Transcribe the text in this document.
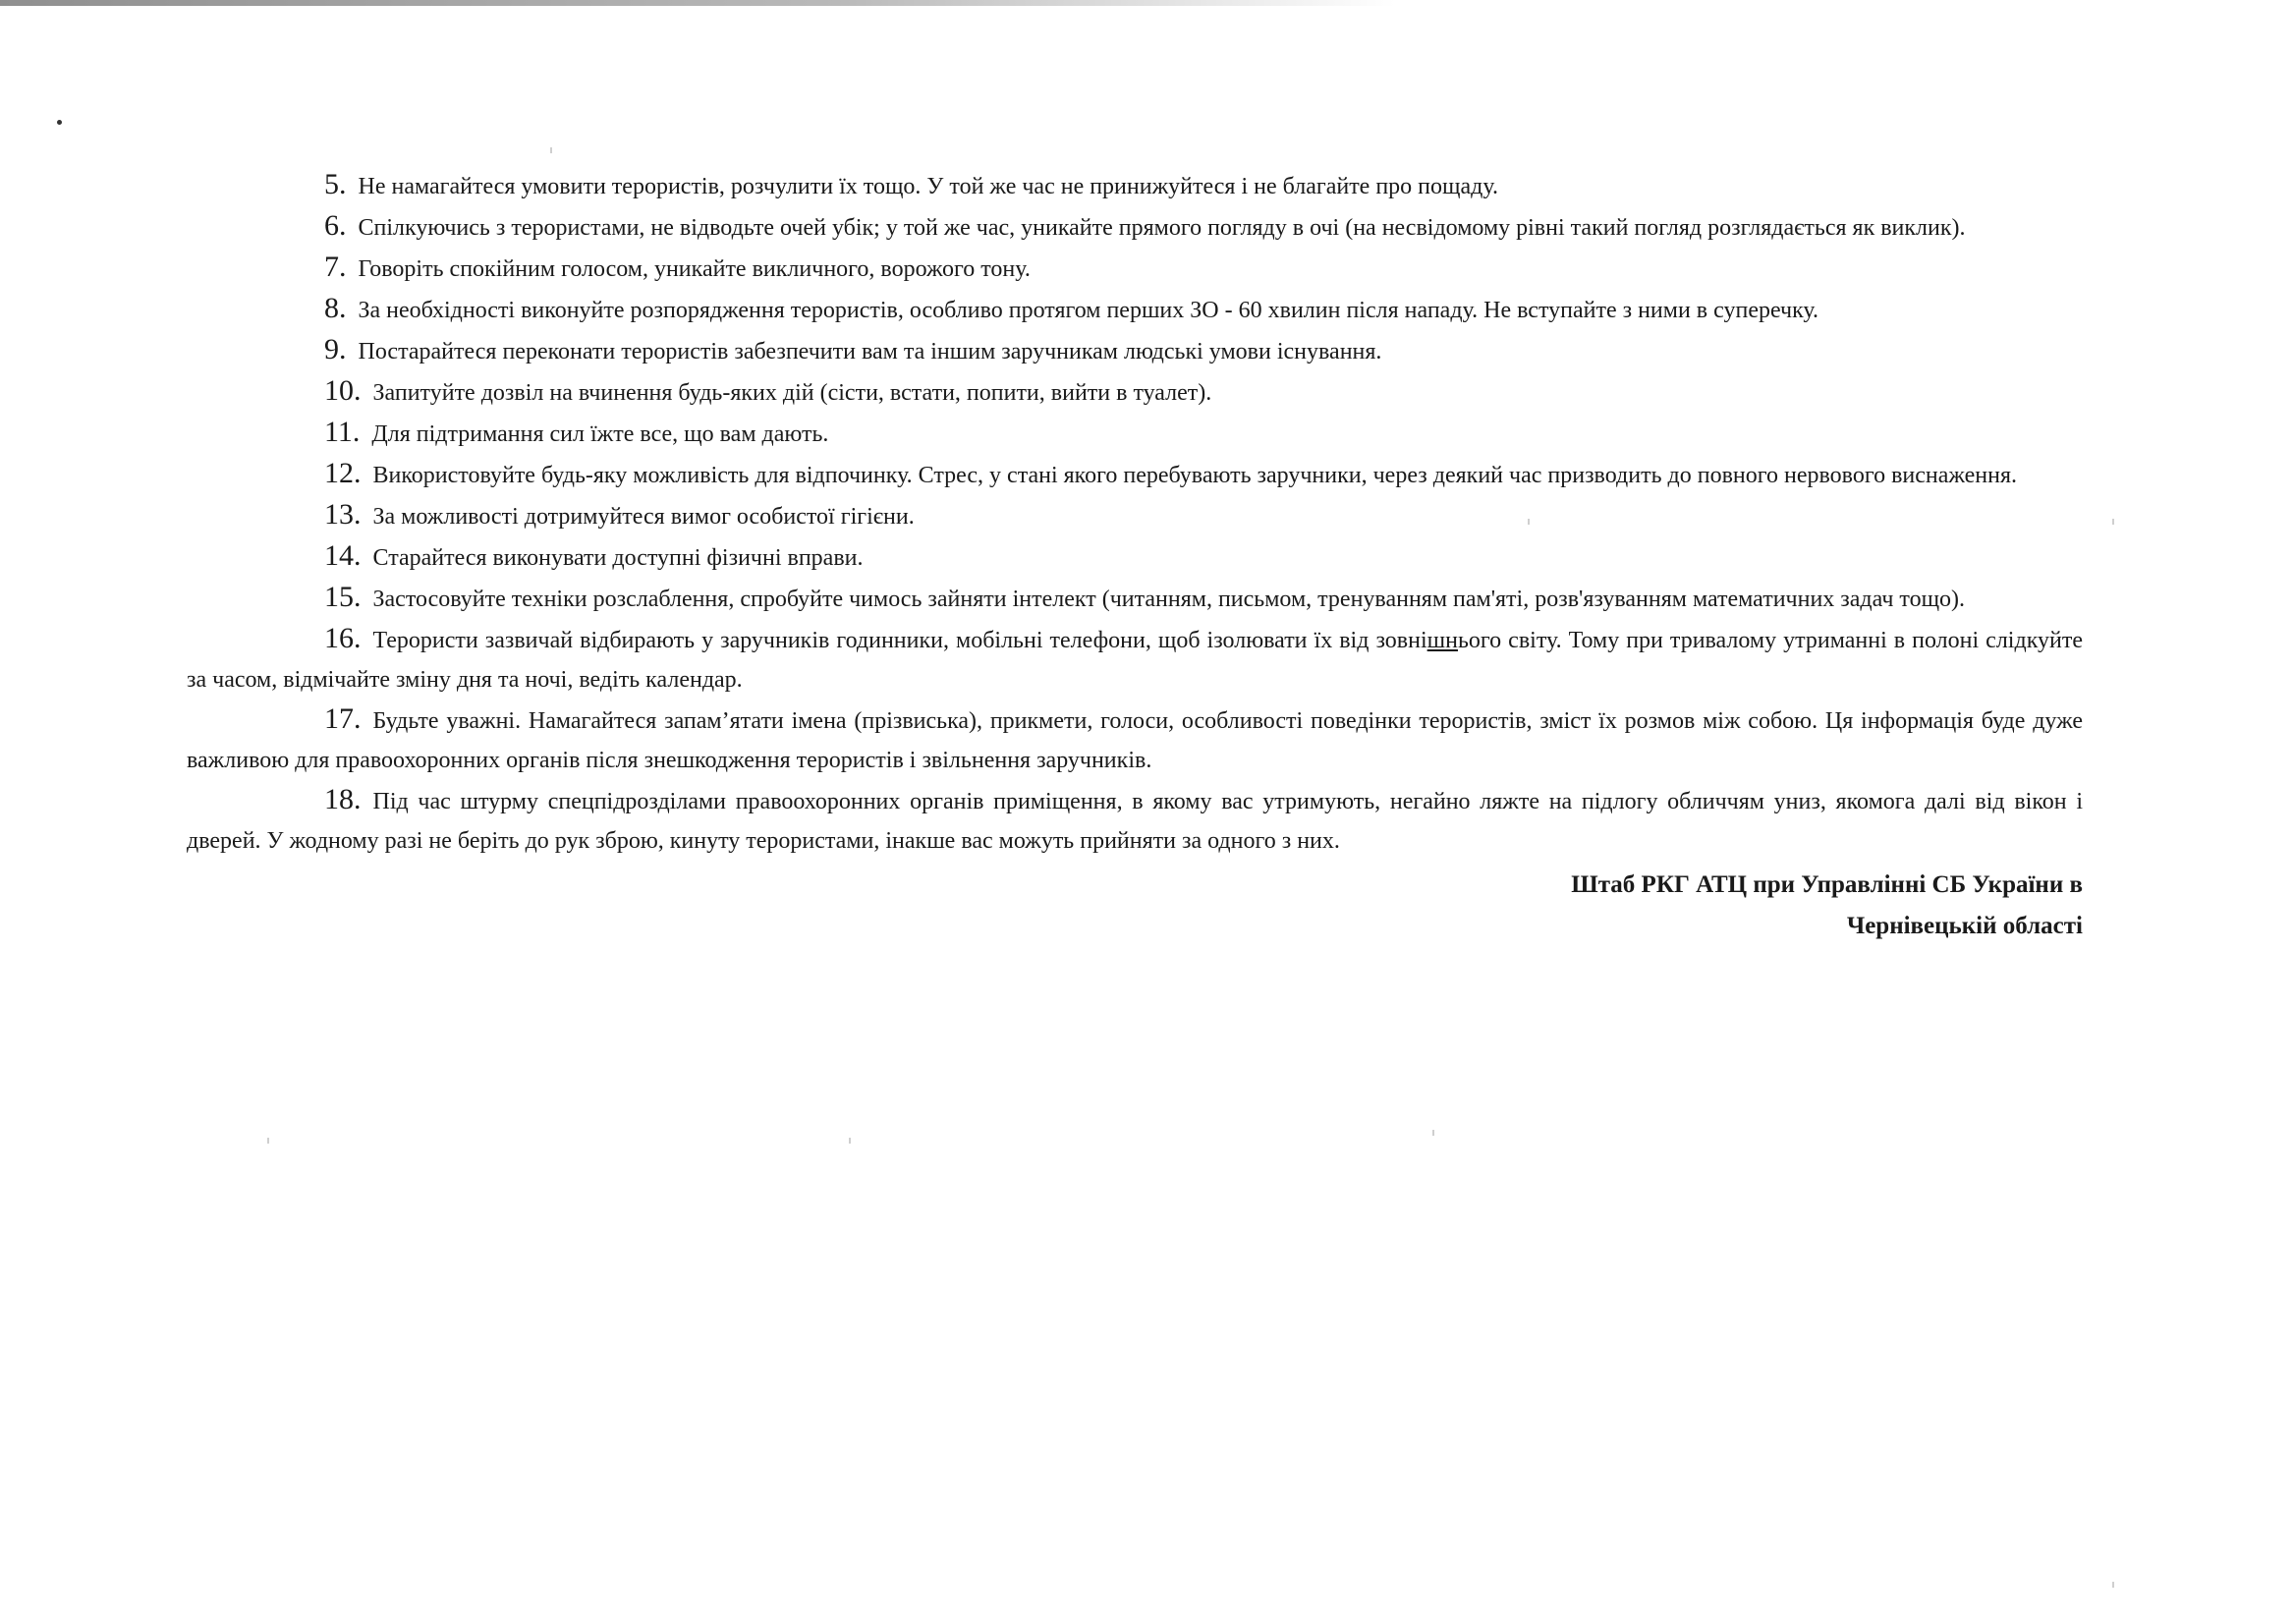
5. Не намагайтеся умовити терористів, розчулити їх тощо. У той же час не принижуйтеся і не благайте про пощаду.

6. Спілкуючись з терористами, не відводьте очей убік; у той же час, уникайте прямого погляду в очі (на несвідомому рівні такий погляд розглядається як виклик).

7. Говоріть спокійним голосом, уникайте викличного, ворожого тону.

8. За необхідності виконуйте розпорядження терористів, особливо протягом перших ЗО - 60 хвилин після нападу. Не вступайте з ними в суперечку.

9. Постарайтеся переконати терористів забезпечити вам та іншим заручникам людські умови існування.

10. Запитуйте дозвіл на вчинення будь-яких дій (сісти, встати, попити, вийти в туалет).

11. Для підтримання сил їжте все, що вам дають.

12. Використовуйте будь-яку можливість для відпочинку. Стрес, у стані якого перебувають заручники, через деякий час призводить до повного нервового виснаження.

13. За можливості дотримуйтеся вимог особистої гігієни.

14. Старайтеся виконувати доступні фізичні вправи.

15. Застосовуйте техніки розслаблення, спробуйте чимось зайняти інтелект (читанням, письмом, тренуванням пам'яті, розв'язуванням математичних задач тощо).

16. Терористи зазвичай відбирають у заручників годинники, мобільні телефони, щоб ізолювати їх від зовнішнього світу. Тому при тривалому утриманні в полоні слідкуйте за часом, відмічайте зміну дня та ночі, ведіть календар.

17. Будьте уважні. Намагайтеся запам’ятати імена (прізвиська), прикмети, голоси, особливості поведінки терористів, зміст їх розмов між собою. Ця інформація буде дуже важливою для правоохоронних органів після знешкодження терористів і звільнення заручників.

18. Під час штурму спецпідрозділами правоохоронних органів приміщення, в якому вас утримують, негайно ляжте на підлогу обличчям униз, якомога далі від вікон і дверей. У жодному разі не беріть до рук зброю, кинуту терористами, інакше вас можуть прийняти за одного з них.

Штаб РКГ АТЦ при Управлінні СБ України в
Чернівецькій області
